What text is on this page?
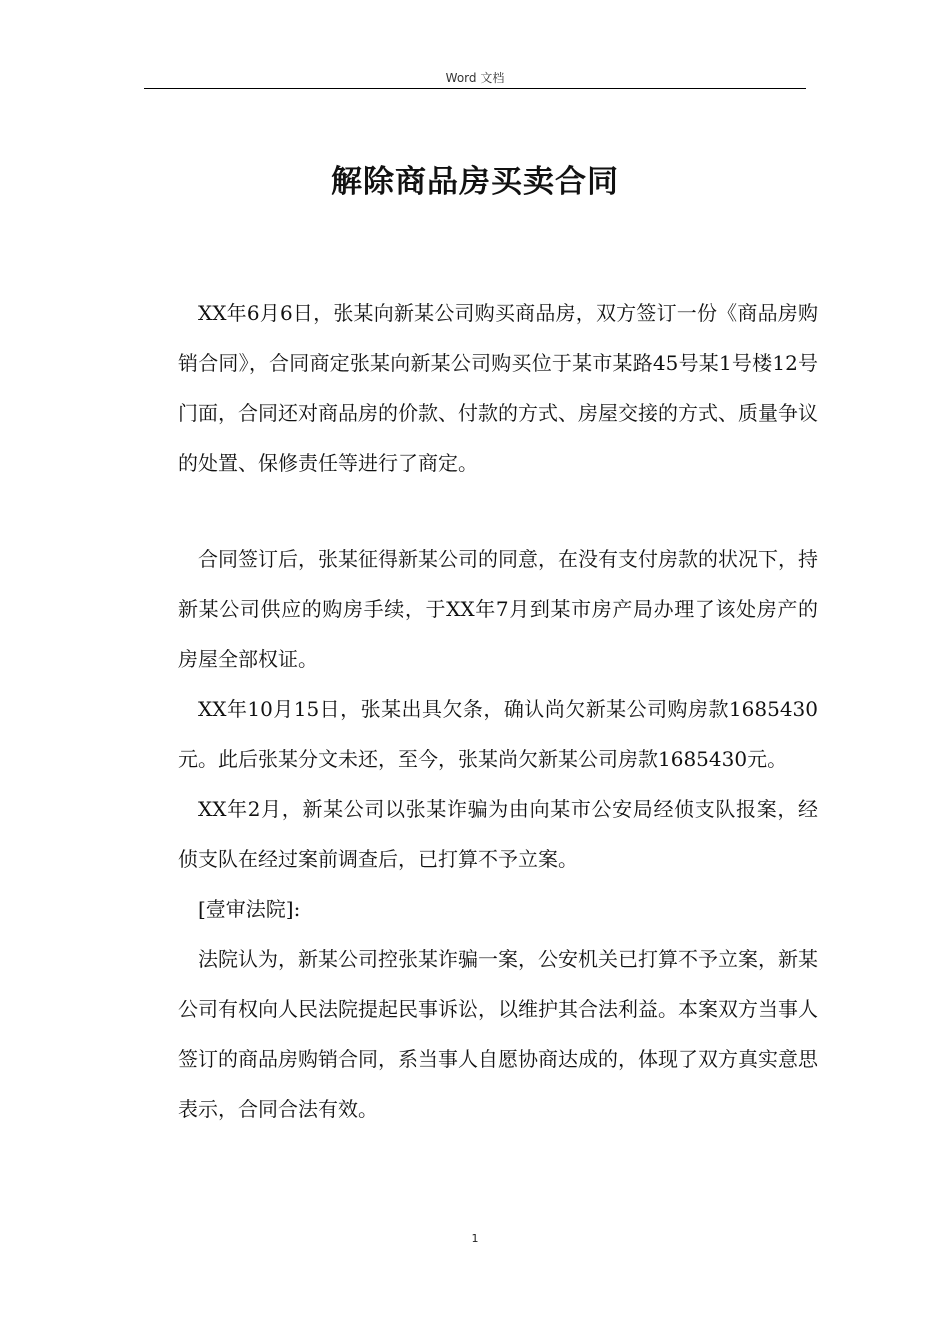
Word 文档
解除商品房买卖合同

XX年6月6日，张某向新某公司购买商品房，双方签订一份《商品房购销合同》，合同商定张某向新某公司购买位于某市某路45号某1号楼12号门面，合同还对商品房的价款、付款的方式、房屋交接的方式、质量争议的处置、保修责任等进行了商定。

合同签订后，张某征得新某公司的同意，在没有支付房款的状况下，持新某公司供应的购房手续，于XX年7月到某市房产局办理了该处房产的房屋全部权证。

XX年10月15日，张某出具欠条，确认尚欠新某公司购房款1685430元。此后张某分文未还，至今，张某尚欠新某公司房款1685430元。

XX年2月，新某公司以张某诈骗为由向某市公安局经侦支队报案，经侦支队在经过案前调查后，已打算不予立案。

[壹审法院]:

法院认为，新某公司控张某诈骗一案，公安机关已打算不予立案，新某公司有权向人民法院提起民事诉讼，以维护其合法利益。本案双方当事人签订的商品房购销合同，系当事人自愿协商达成的，体现了双方真实意思表示，合同合法有效。

1
